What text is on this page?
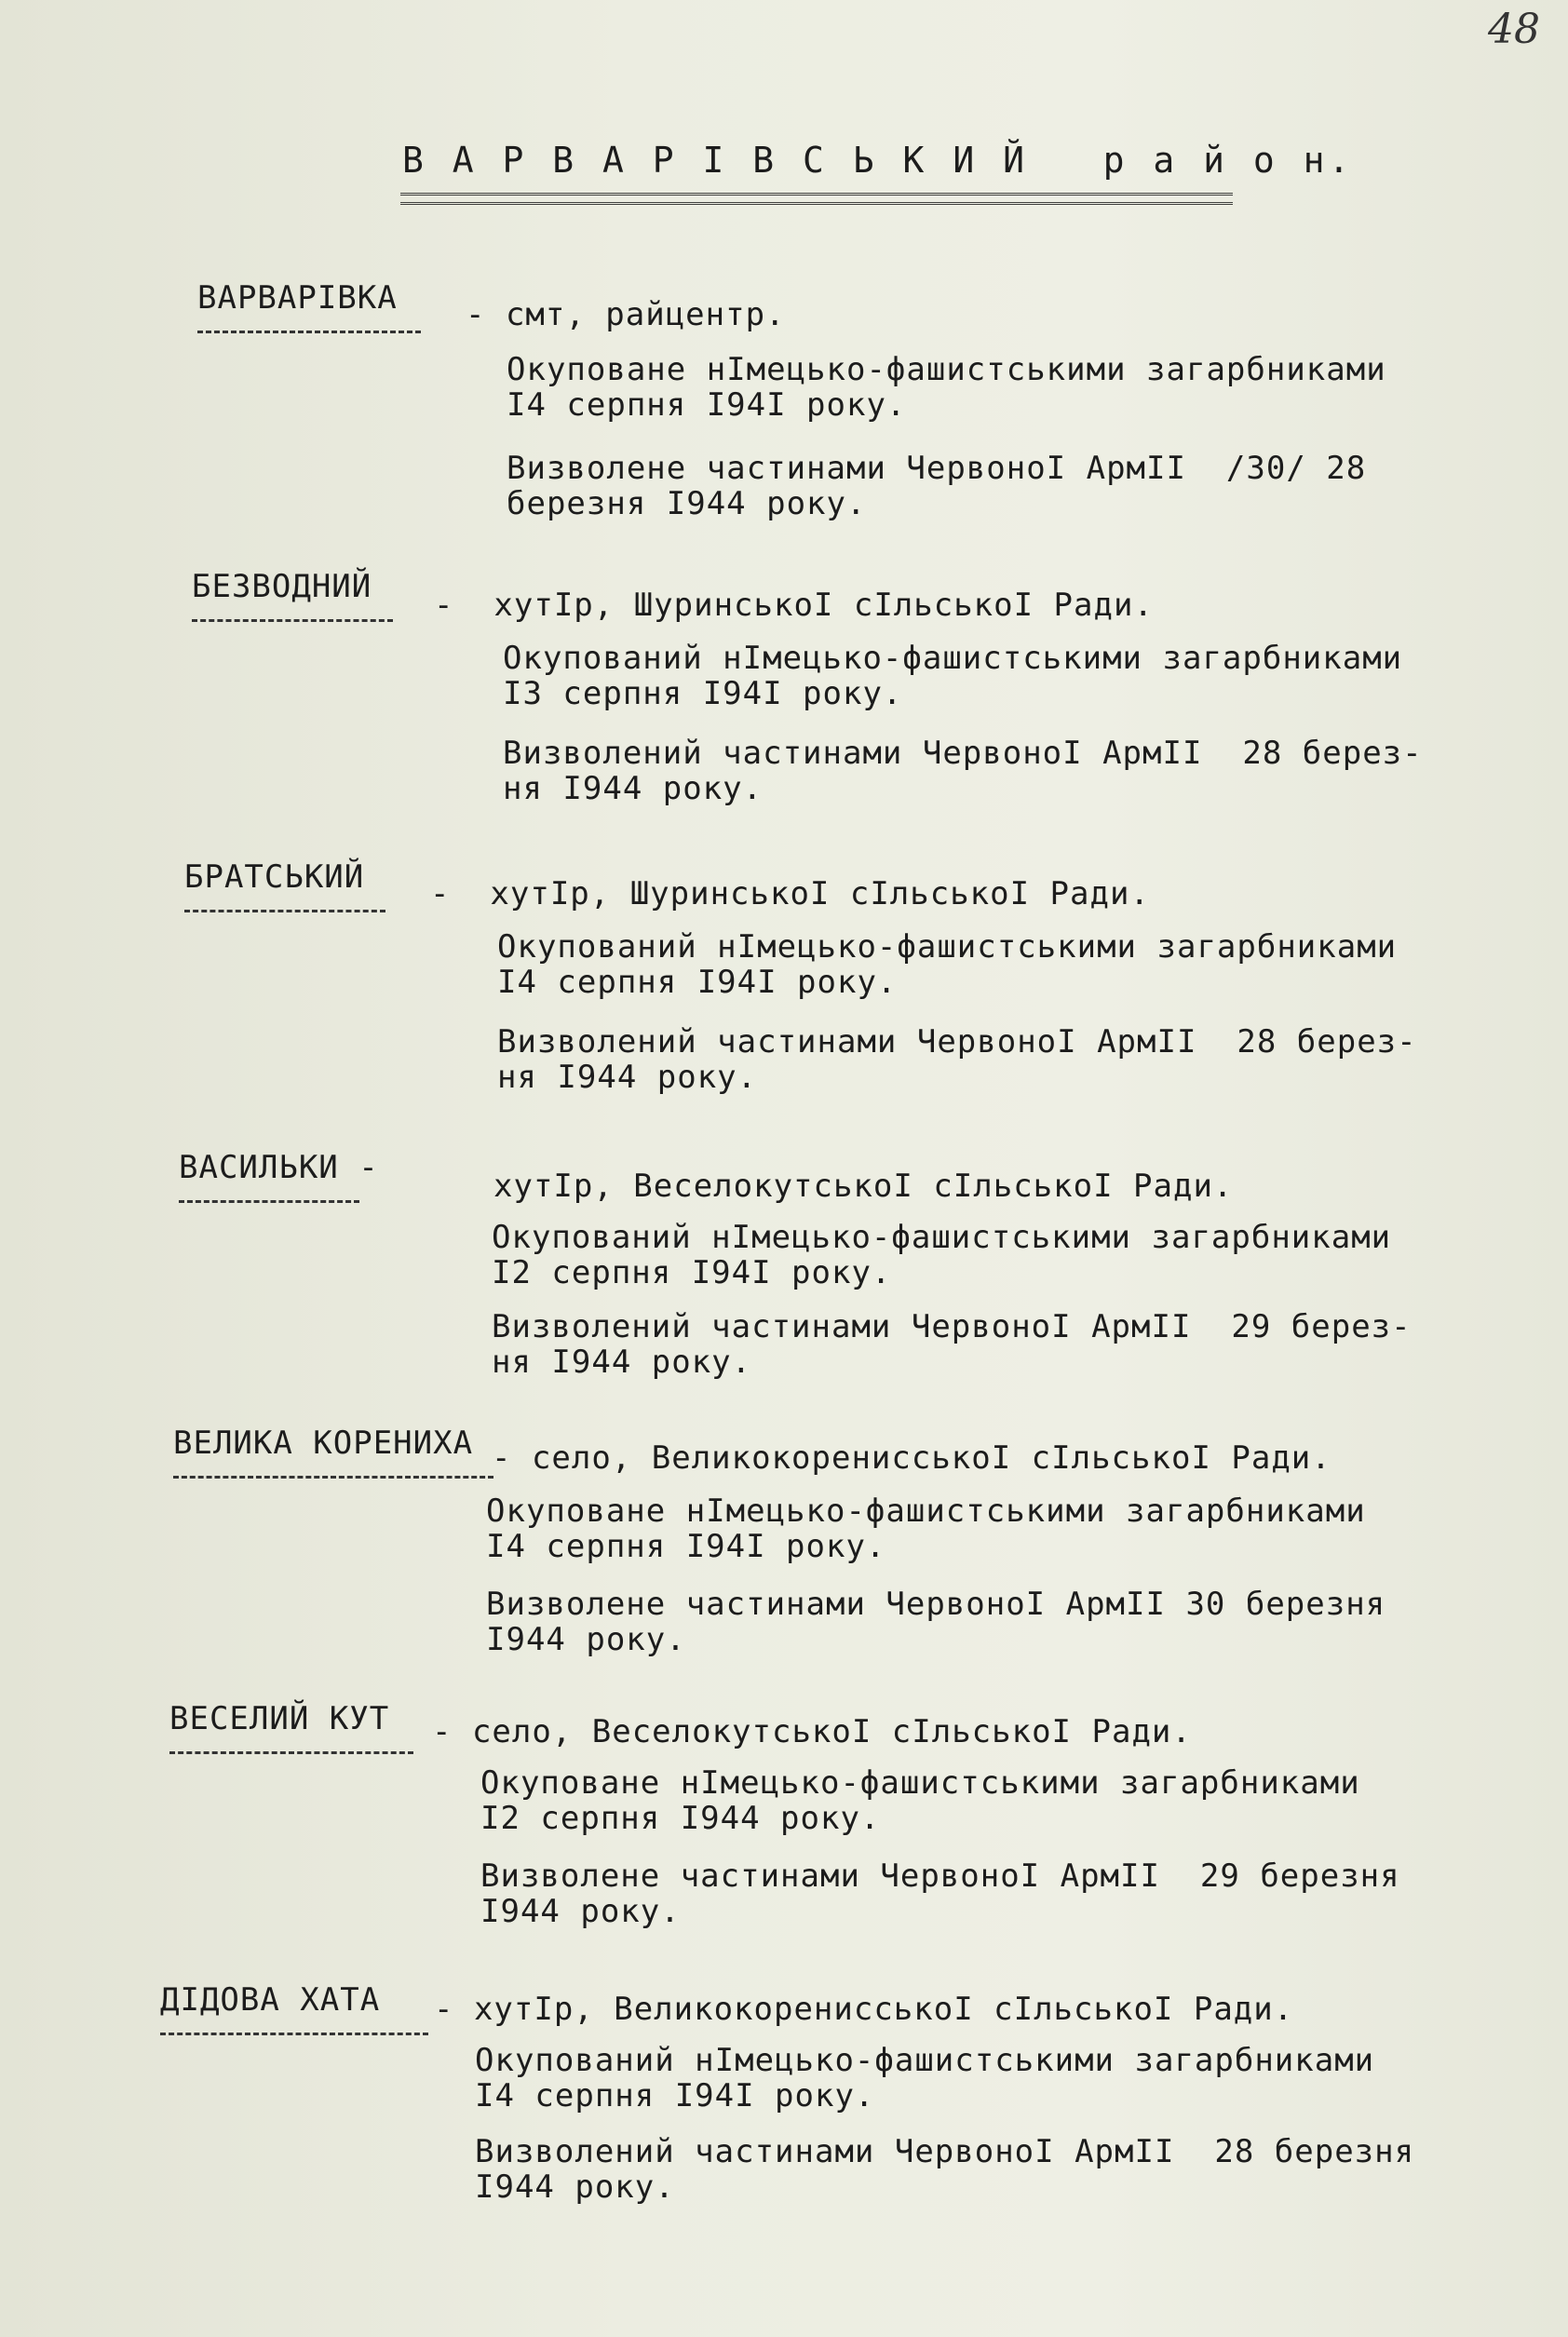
48
В А Р В А Р І В С Ь К И Й   р а й о н.
ВАРВАРІВКА - смт, райцентр.
Окуповане нІмецько-фашистськими загарбниками
I4 серпня I94I року.
Визволене частинами ЧервоноI АрмII  /30/ 28
березня I944 року.
БЕЗВОДНИЙ -  хутIр, ШуринськоI сIльськоI Ради.
Окупований нІмецько-фашистськими загарбниками
I3 серпня I94I року.
Визволений частинами ЧервоноI АрмII  28 берез-
ня I944 року.
БРАТСЬКИЙ -  хутIр, ШуринськоI сIльськоI Ради.
Окупований нІмецько-фашистськими загарбниками
I4 серпня I94I року.
Визволений частинами ЧервоноI АрмII  28 берез-
ня I944 року.
ВАСИЛЬКИ -	хутIр, ВеселокутськоI сIльськоI Ради.
Окупований нІмецько-фашистськими загарбниками
I2 серпня I94I року.
Визволений частинами ЧервоноI АрмII  29 берез-
ня I944 року.
ВЕЛИКА КОРЕНИХА - село, ВеликокоренисськоI сIльськоI Ради.
Окуповане нІмецько-фашистськими загарбниками
I4 серпня I94I року.
Визволене частинами ЧервоноI АрмII 30 березня
I944 року.
ВЕСЕЛИЙ КУТ - село, ВеселокутськоI сIльськоI Ради.
Окуповане нІмецько-фашистськими загарбниками
I2 серпня I944 року.
Визволене частинами ЧервоноI АрмII  29 березня
I944 року.
ДІДОВА ХАТА - хутIр, ВеликокоренисськоI сIльськоI Ради.
Окупований нІмецько-фашистськими загарбниками
I4 серпня I94I року.
Визволений частинами ЧервоноI АрмII  28 березня
I944 року.
